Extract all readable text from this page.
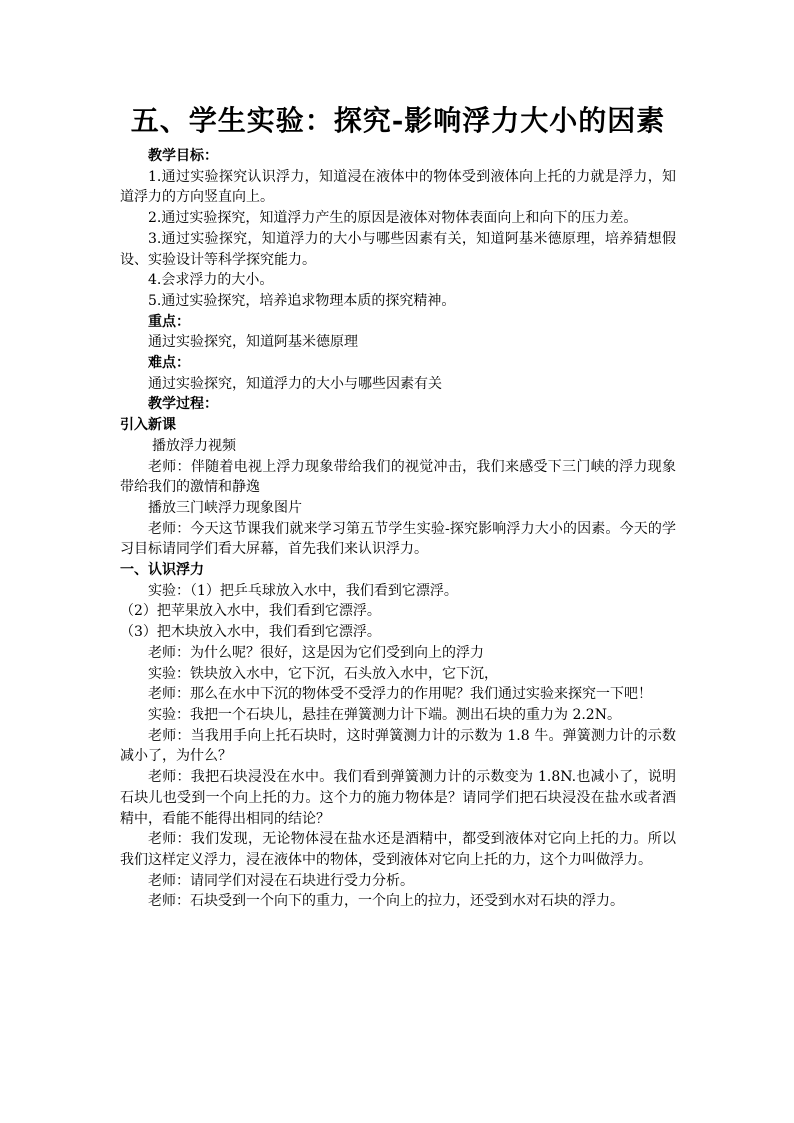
五、学生实验：探究-影响浮力大小的因素

教学目标：

1.通过实验探究认识浮力，知道浸在液体中的物体受到液体向上托的力就是浮力，知道浮力的方向竖直向上。

2.通过实验探究，知道浮力产生的原因是液体对物体表面向上和向下的压力差。

3.通过实验探究，知道浮力的大小与哪些因素有关，知道阿基米德原理，培养猜想假设、实验设计等科学探究能力。

4.会求浮力的大小。

5.通过实验探究，培养追求物理本质的探究精神。

重点：

通过实验探究，知道阿基米德原理

难点：

通过实验探究，知道浮力的大小与哪些因素有关

教学过程：

引入新课

播放浮力视频

老师：伴随着电视上浮力现象带给我们的视觉冲击，我们来感受下三门峡的浮力现象带给我们的激情和静逸

播放三门峡浮力现象图片

老师：今天这节课我们就来学习第五节学生实验-探究影响浮力大小的因素。今天的学习目标请同学们看大屏幕，首先我们来认识浮力。

一、认识浮力

实验：（1）把乒乓球放入水中，我们看到它漂浮。

（2）把苹果放入水中，我们看到它漂浮。

（3）把木块放入水中，我们看到它漂浮。

老师：为什么呢？很好，这是因为它们受到向上的浮力

实验：铁块放入水中，它下沉，石头放入水中，它下沉，

老师：那么在水中下沉的物体受不受浮力的作用呢？我们通过实验来探究一下吧！

实验：我把一个石块儿，悬挂在弹簧测力计下端。测出石块的重力为 2.2N。

老师：当我用手向上托石块时，这时弹簧测力计的示数为 1.8 牛。弹簧测力计的示数减小了，为什么？

老师：我把石块浸没在水中。我们看到弹簧测力计的示数变为 1.8N.也减小了，说明石块儿也受到一个向上托的力。这个力的施力物体是？请同学们把石块浸没在盐水或者酒精中，看能不能得出相同的结论？

老师：我们发现，无论物体浸在盐水还是酒精中，都受到液体对它向上托的力。所以我们这样定义浮力，浸在液体中的物体，受到液体对它向上托的力，这个力叫做浮力。

老师：请同学们对浸在石块进行受力分析。

老师：石块受到一个向下的重力，一个向上的拉力，还受到水对石块的浮力。
